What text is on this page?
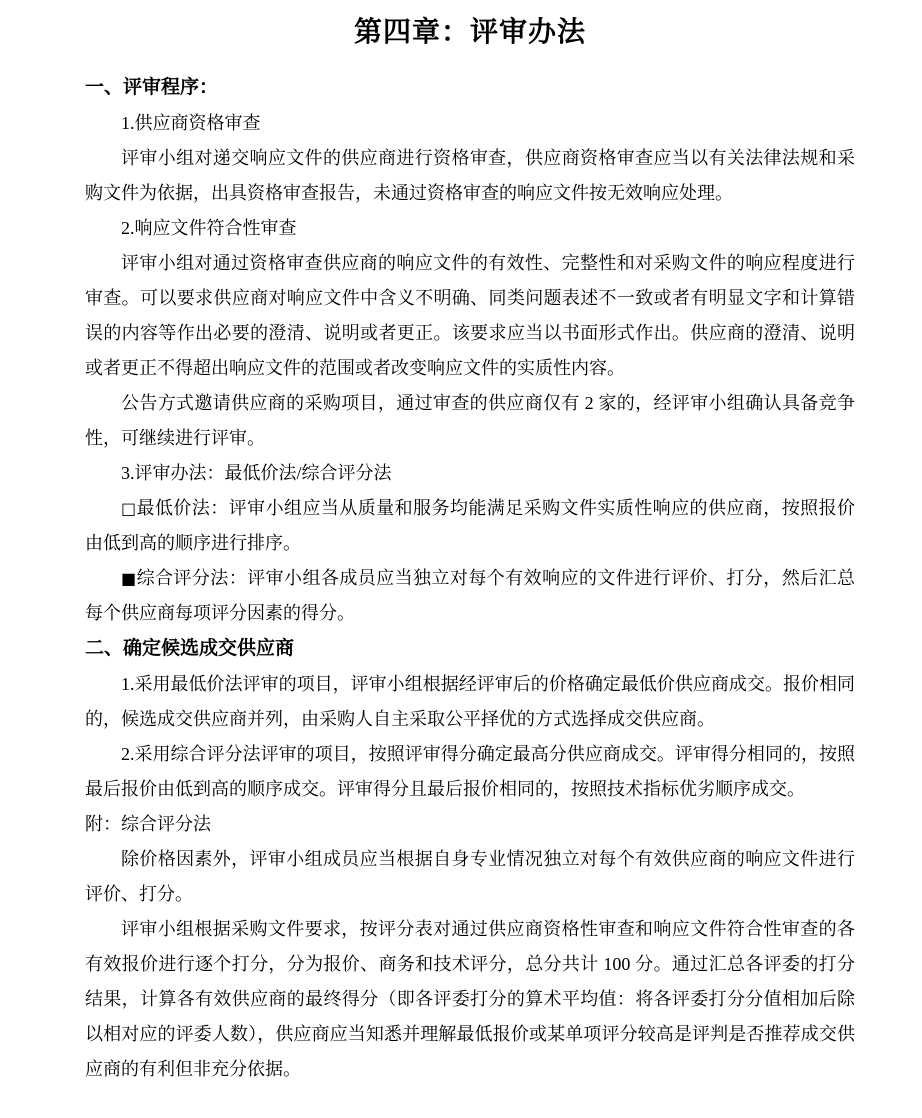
第四章：评审办法
一、评审程序：

1.供应商资格审查

评审小组对递交响应文件的供应商进行资格审查，供应商资格审查应当以有关法律法规和采购文件为依据，出具资格审查报告，未通过资格审查的响应文件按无效响应处理。

2.响应文件符合性审查

评审小组对通过资格审查供应商的响应文件的有效性、完整性和对采购文件的响应程度进行审查。可以要求供应商对响应文件中含义不明确、同类问题表述不一致或者有明显文字和计算错误的内容等作出必要的澄清、说明或者更正。该要求应当以书面形式作出。供应商的澄清、说明或者更正不得超出响应文件的范围或者改变响应文件的实质性内容。

公告方式邀请供应商的采购项目，通过审查的供应商仅有 2 家的，经评审小组确认具备竞争性，可继续进行评审。

3.评审办法：最低价法/综合评分法

□最低价法：评审小组应当从质量和服务均能满足采购文件实质性响应的供应商，按照报价由低到高的顺序进行排序。

■综合评分法：评审小组各成员应当独立对每个有效响应的文件进行评价、打分，然后汇总每个供应商每项评分因素的得分。

二、确定候选成交供应商

1.采用最低价法评审的项目，评审小组根据经评审后的价格确定最低价供应商成交。报价相同的，候选成交供应商并列，由采购人自主采取公平择优的方式选择成交供应商。

2.采用综合评分法评审的项目，按照评审得分确定最高分供应商成交。评审得分相同的，按照最后报价由低到高的顺序成交。评审得分且最后报价相同的，按照技术指标优劣顺序成交。

附：综合评分法

除价格因素外，评审小组成员应当根据自身专业情况独立对每个有效供应商的响应文件进行评价、打分。

评审小组根据采购文件要求，按评分表对通过供应商资格性审查和响应文件符合性审查的各有效报价进行逐个打分，分为报价、商务和技术评分，总分共计 100 分。通过汇总各评委的打分结果，计算各有效供应商的最终得分（即各评委打分的算术平均值：将各评委打分分值相加后除以相对应的评委人数），供应商应当知悉并理解最低报价或某单项评分较高是评判是否推荐成交供应商的有利但非充分依据。
